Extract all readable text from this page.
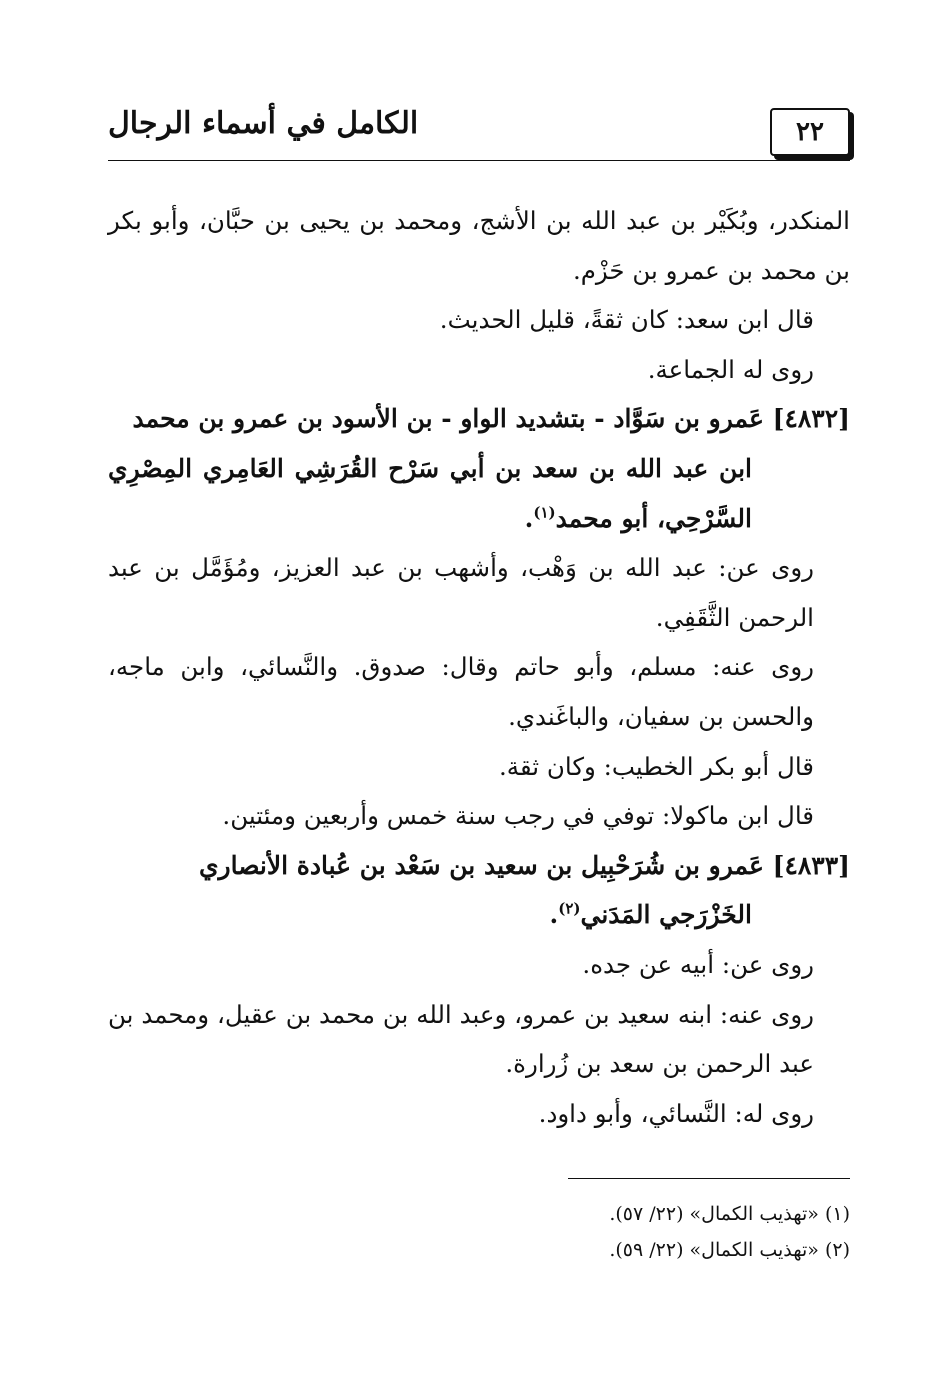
٢٢
الكامل في أسماء الرجال

المنكدر، وبُكَيْر بن عبد الله بن الأشج، ومحمد بن يحيى بن حبَّان، وأبو بكر بن محمد بن عمرو بن حَزْم.

قال ابن سعد: كان ثقةً، قليل الحديث.

روى له الجماعة.

[٤٨٣٢] عَمرو بن سَوَّاد - بتشديد الواو - بن الأسود بن عمرو بن محمد

ابن عبد الله بن سعد بن أبي سَرْح القُرَشِي العَامِري المِصْرِي السَّرْحِي، أبو محمد$^{(١)}$.

روى عن: عبد الله بن وَهْب، وأشهب بن عبد العزيز، ومُؤَمَّل بن عبد الرحمن الثَّقَفِي.

روى عنه: مسلم، وأبو حاتم وقال: صدوق. والنَّسائي، وابن ماجه، والحسن بن سفيان، والباغَندي.

قال أبو بكر الخطيب: وكان ثقة.

قال ابن ماكولا: توفي في رجب سنة خمس وأربعين ومئتين.

[٤٨٣٣] عَمرو بن شُرَحْبِيل بن سعيد بن سَعْد بن عُبادة الأنصاري

الخَزْرَجي المَدَني$^{(٢)}$.

روى عن: أبيه عن جده.

روى عنه: ابنه سعيد بن عمرو، وعبد الله بن محمد بن عقيل، ومحمد بن عبد الرحمن بن سعد بن زُرارة.

روى له: النَّسائي، وأبو داود.

(١) «تهذيب الكمال» (٢٢/ ٥٧).

(٢) «تهذيب الكمال» (٢٢/ ٥٩).
